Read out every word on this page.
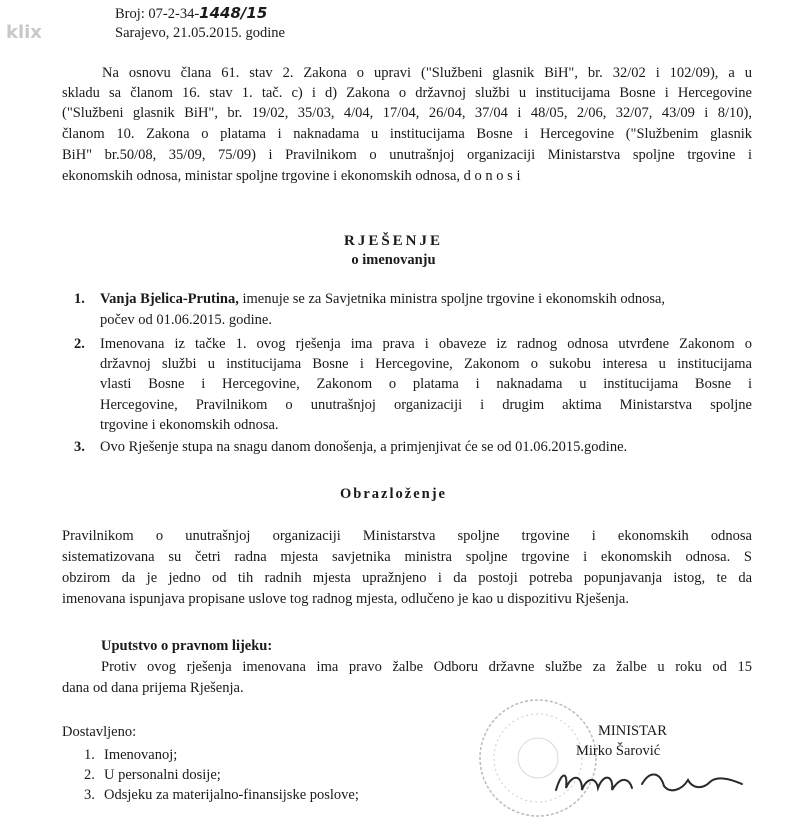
klix
Broj: 07-2-34-1448/15
Sarajevo, 21.05.2015. godine
Na osnovu člana 61. stav 2. Zakona o upravi ("Službeni glasnik BiH", br. 32/02 i 102/09), a u
skladu sa članom 16. stav 1. tač. c) i d) Zakona o državnoj službi u institucijama Bosne i Hercegovine
("Službeni glasnik BiH", br. 19/02, 35/03, 4/04, 17/04, 26/04, 37/04 i 48/05, 2/06, 32/07, 43/09 i 8/10),
članom 10. Zakona o platama i naknadama u institucijama Bosne i Hercegovine ("Službenim glasnik
BiH" br.50/08, 35/09, 75/09) i Pravilnikom o unutrašnjoj organizaciji Ministarstva spoljne trgovine i
ekonomskih odnosa, ministar spoljne trgovine i ekonomskih odnosa, d o n o s i
RJEŠENJE
o imenovanju
1. Vanja Bjelica-Prutina, imenuje se za Savjetnika ministra spoljne trgovine i ekonomskih odnosa,
počev od 01.06.2015. godine.
2. Imenovana iz tačke 1. ovog rješenja ima prava i obaveze iz radnog odnosa utvrđene Zakonom o
državnoj službi u institucijama Bosne i Hercegovine, Zakonom o sukobu interesa u institucijama
vlasti Bosne i Hercegovine, Zakonom o platama i naknadama u institucijama Bosne i
Hercegovine, Pravilnikom o unutrašnjoj organizaciji i drugim aktima Ministarstva spoljne
trgovine i ekonomskih odnosa.
3. Ovo Rješenje stupa na snagu danom donošenja, a primjenjivat će se od 01.06.2015.godine.
Obrazloženje
Pravilnikom o unutrašnjoj organizaciji Ministarstva spoljne trgovine i ekonomskih odnosa
sistematizovana su četri radna mjesta savjetnika ministra spoljne trgovine i ekonomskih odnosa. S
obzirom da je jedno od tih radnih mjesta upražnjeno i da postoji potreba popunjavanja istog, te da
imenovana ispunjava propisane uslove tog radnog mjesta, odlučeno je kao u dispozitivu Rješenja.
Uputstvo o pravnom lijeku:
Protiv ovog rješenja imenovana ima pravo žalbe Odboru državne službe za žalbe u roku od 15
dana od dana prijema Rješenja.
Dostavljeno:
1. Imenovanoj;
2. U personalni dosije;
3. Odsjeku za materijalno-finansijske poslove;
MINISTAR
Mirko Šarović
